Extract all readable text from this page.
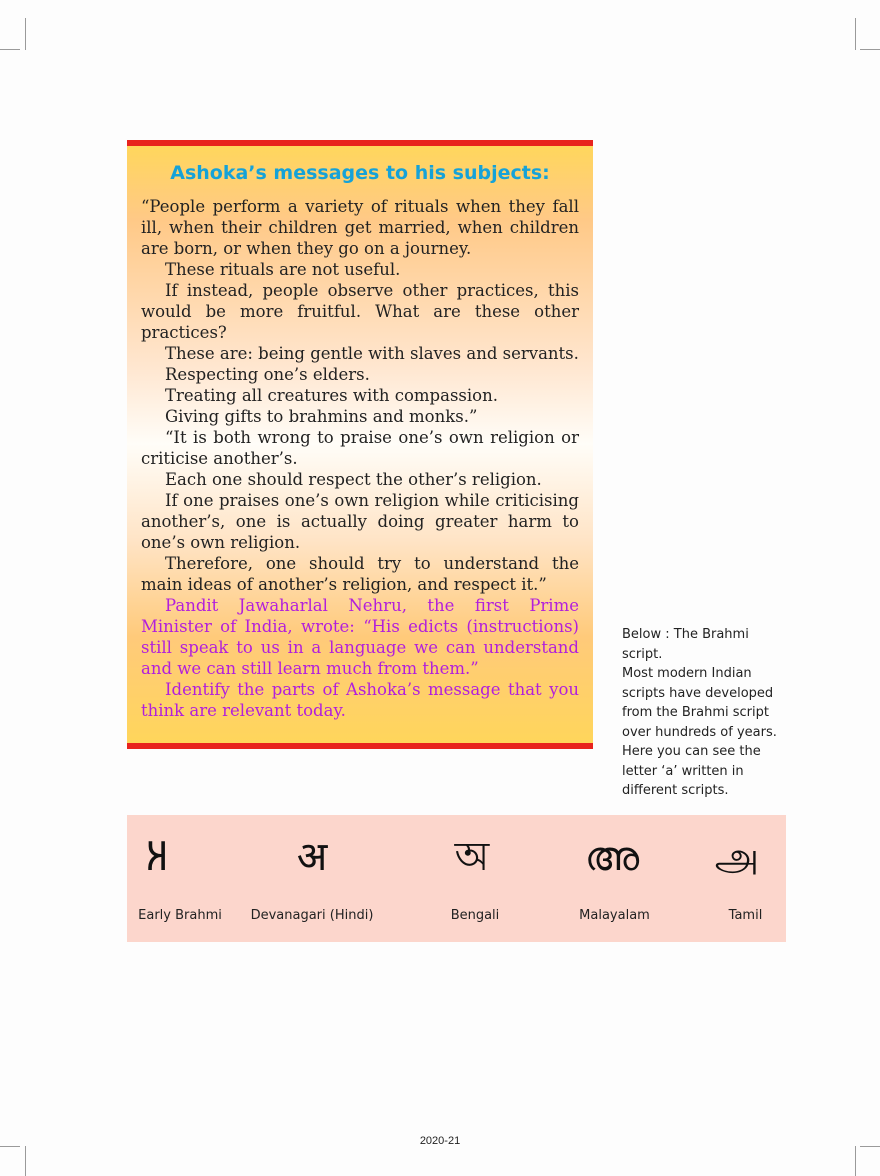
Ashoka’s messages to his subjects:

“People perform a variety of rituals when they fall ill, when their children get married, when children are born, or when they go on a journey.

These rituals are not useful.

If instead, people observe other practices, this would be more fruitful. What are these other practices?

These are: being gentle with slaves and servants.

Respecting one’s elders.

Treating all creatures with compassion.

Giving gifts to brahmins and monks.”

“It is both wrong to praise one’s own religion or criticise another’s.

Each one should respect the other’s religion.

If one praises one’s own religion while criticising another’s, one is actually doing greater harm to one’s own religion.

Therefore, one should try to understand the main ideas of another’s religion, and respect it.”

Pandit Jawaharlal Nehru, the first Prime Minister of India, wrote: “His edicts (instructions) still speak to us in a language we can understand and we can still learn much from them.”

Identify the parts of Ashoka’s message that you think are relevant today.

Below : The Brahmi script.

Most modern Indian scripts have developed from the Brahmi script over hundreds of years. Here you can see the letter ‘a’ written in different scripts.

𑀅
Early Brahmi
अ
Devanagari (Hindi)
অ
Bengali
അ
Malayalam
அ
Tamil
2020-21
